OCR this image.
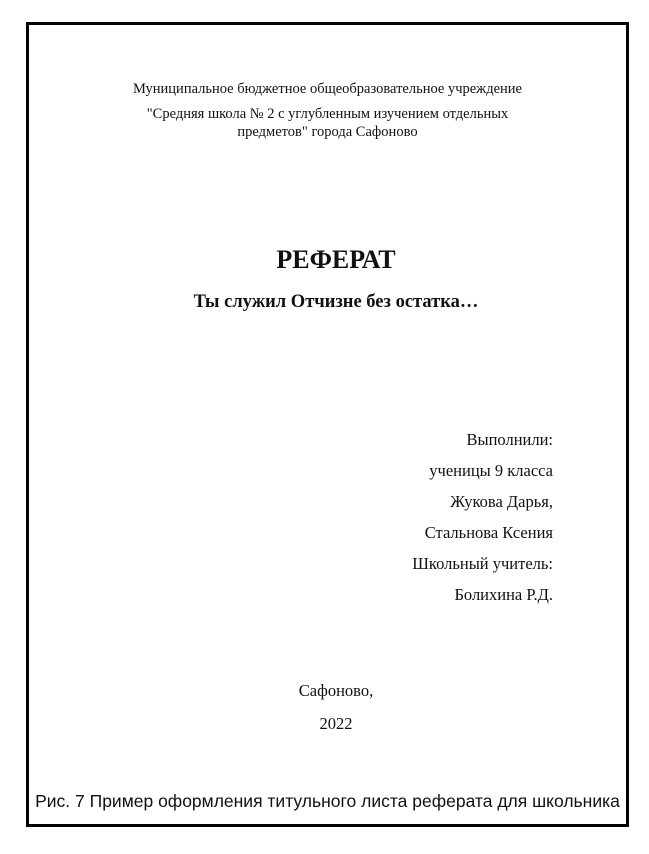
Муниципальное бюджетное общеобразовательное учреждение
"Средняя школа № 2 с углубленным изучением отдельных
предметов" города Сафоново
РЕФЕРАТ
Ты служил Отчизне без остатка…
Выполнили:
ученицы 9 класса
Жукова Дарья,
Стальнова Ксения
Школьный учитель:
Болихина Р.Д.
Сафоново,
2022
Рис. 7 Пример оформления титульного листа реферата для школьника
